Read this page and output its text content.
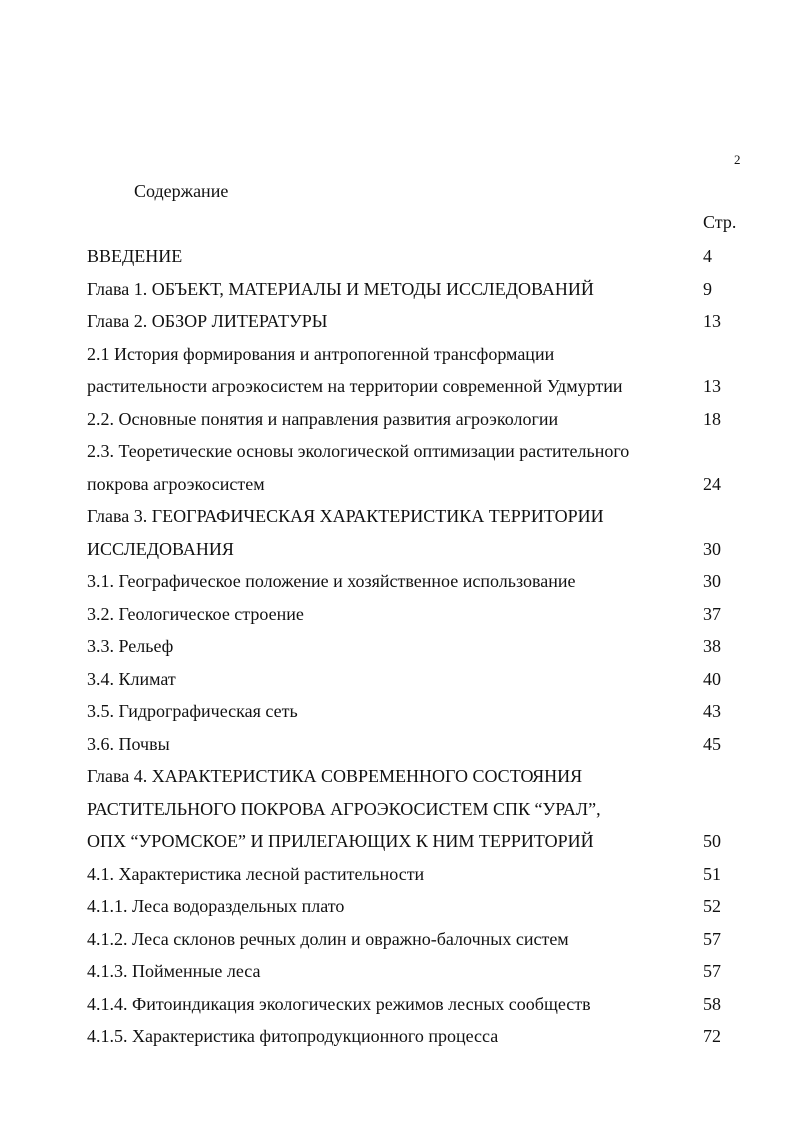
2
Содержание
Стр.
ВВЕДЕНИЕ	4
Глава 1. ОБЪЕКТ, МАТЕРИАЛЫ И МЕТОДЫ ИССЛЕДОВАНИЙ	9
Глава 2. ОБЗОР ЛИТЕРАТУРЫ	13
2.1 История формирования и антропогенной трансформации
растительности агроэкосистем на территории современной Удмуртии	13
2.2. Основные понятия и направления развития агроэкологии	18
2.3. Теоретические основы экологической оптимизации растительного
покрова агроэкосистем	24
Глава 3. ГЕОГРАФИЧЕСКАЯ ХАРАКТЕРИСТИКА ТЕРРИТОРИИ
ИССЛЕДОВАНИЯ	30
3.1. Географическое положение и хозяйственное использование	30
3.2. Геологическое строение	37
3.3. Рельеф	38
3.4. Климат	40
3.5. Гидрографическая сеть	43
3.6. Почвы	45
Глава 4. ХАРАКТЕРИСТИКА СОВРЕМЕННОГО СОСТОЯНИЯ
РАСТИТЕЛЬНОГО ПОКРОВА АГРОЭКОСИСТЕМ СПК “УРАЛ”,
ОПХ “УРОМСКОЕ” И ПРИЛЕГАЮЩИХ К НИМ ТЕРРИТОРИЙ	50
4.1. Характеристика лесной растительности	51
4.1.1. Леса водораздельных плато	52
4.1.2. Леса склонов речных долин и овражно-балочных систем	57
4.1.3. Пойменные леса	57
4.1.4. Фитоиндикация экологических режимов лесных сообществ	58
4.1.5. Характеристика фитопродукционного процесса	72
